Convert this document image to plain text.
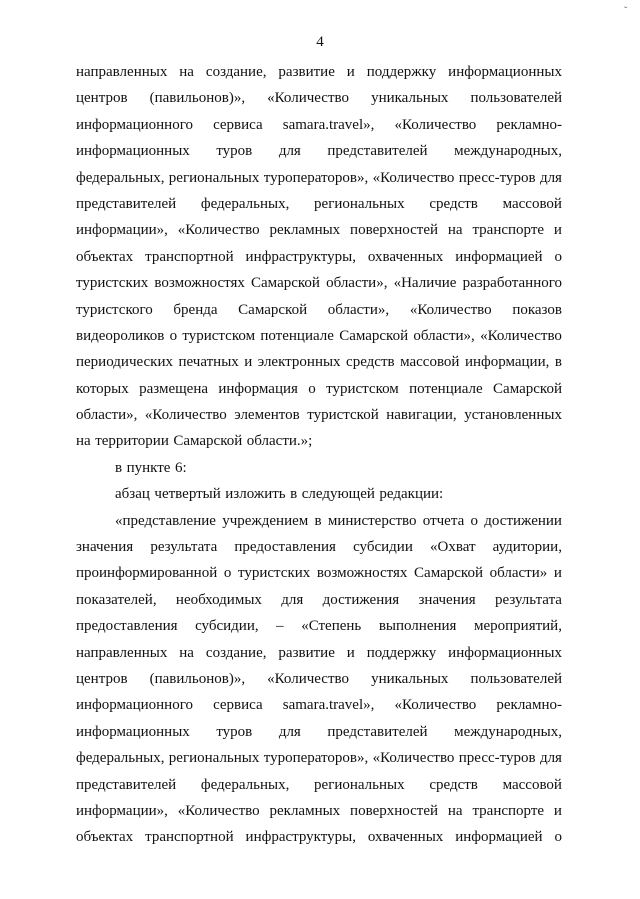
ˇ
4
направленных на создание, развитие и поддержку информационных
центров (павильонов)», «Количество уникальных пользователей
информационного сервиса samara.travel», «Количество рекламно-
информационных туров для представителей международных,
федеральных, региональных туроператоров», «Количество пресс-туров для
представителей федеральных, региональных средств массовой
информации», «Количество рекламных поверхностей на транспорте и
объектах транспортной инфраструктуры, охваченных информацией о
туристских возможностях Самарской области», «Наличие разработанного
туристского бренда Самарской области», «Количество показов
видеороликов о туристском потенциале Самарской области», «Количество
периодических печатных и электронных средств массовой информации, в
которых размещена информация о туристском потенциале Самарской
области», «Количество элементов туристской навигации, установленных
на территории Самарской области.»;
в пункте 6:
абзац четвертый изложить в следующей редакции:
«представление учреждением в министерство отчета о достижении
значения результата предоставления субсидии «Охват аудитории,
проинформированной о туристских возможностях Самарской области» и
показателей, необходимых для достижения значения результата
предоставления субсидии, – «Степень выполнения мероприятий,
направленных на создание, развитие и поддержку информационных
центров (павильонов)», «Количество уникальных пользователей
информационного сервиса samara.travel», «Количество рекламно-
информационных туров для представителей международных,
федеральных, региональных туроператоров», «Количество пресс-туров для
представителей федеральных, региональных средств массовой
информации», «Количество рекламных поверхностей на транспорте и
объектах транспортной инфраструктуры, охваченных информацией о
